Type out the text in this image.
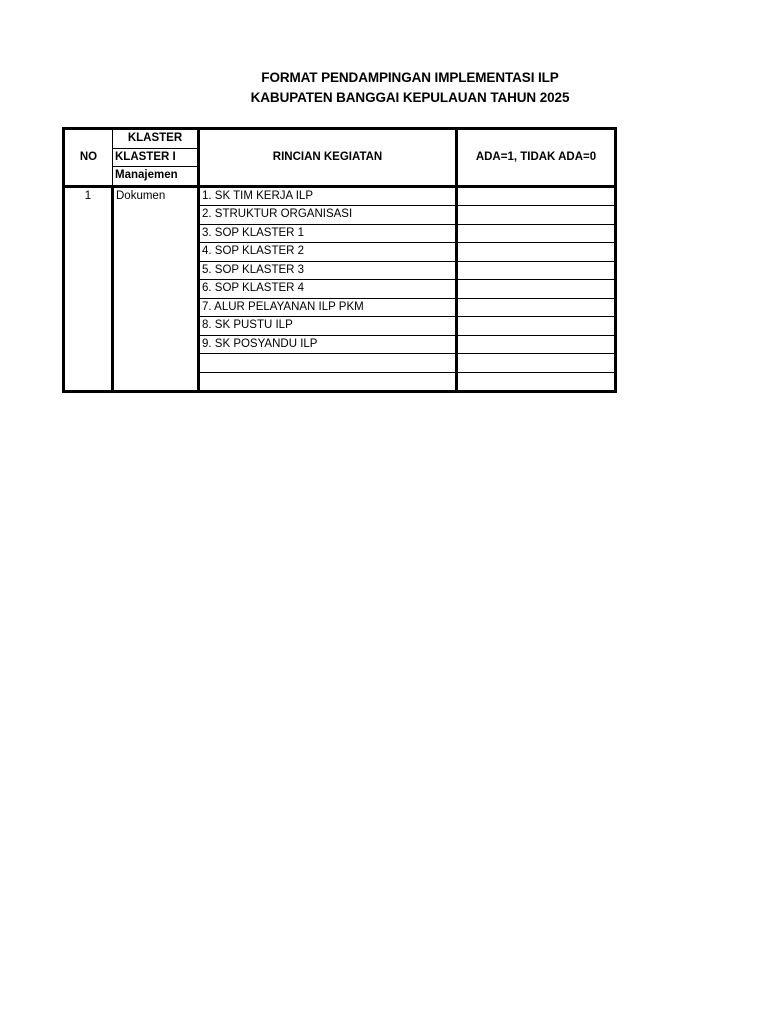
FORMAT PENDAMPINGAN IMPLEMENTASI ILP
KABUPATEN BANGGAI KEPULAUAN TAHUN 2025
NO	KLASTER	RINCIAN KEGIATAN	ADA=1, TIDAK ADA=0
	KLASTER I		
	Manajemen		
1	Dokumen	1. SK TIM KERJA ILP	
		2. STRUKTUR ORGANISASI	
		3. SOP KLASTER 1	
		4. SOP KLASTER 2	
		5. SOP KLASTER 3	
		6. SOP KLASTER 4	
		7. ALUR PELAYANAN ILP PKM	
		8. SK PUSTU ILP	
		9. SK POSYANDU ILP	
